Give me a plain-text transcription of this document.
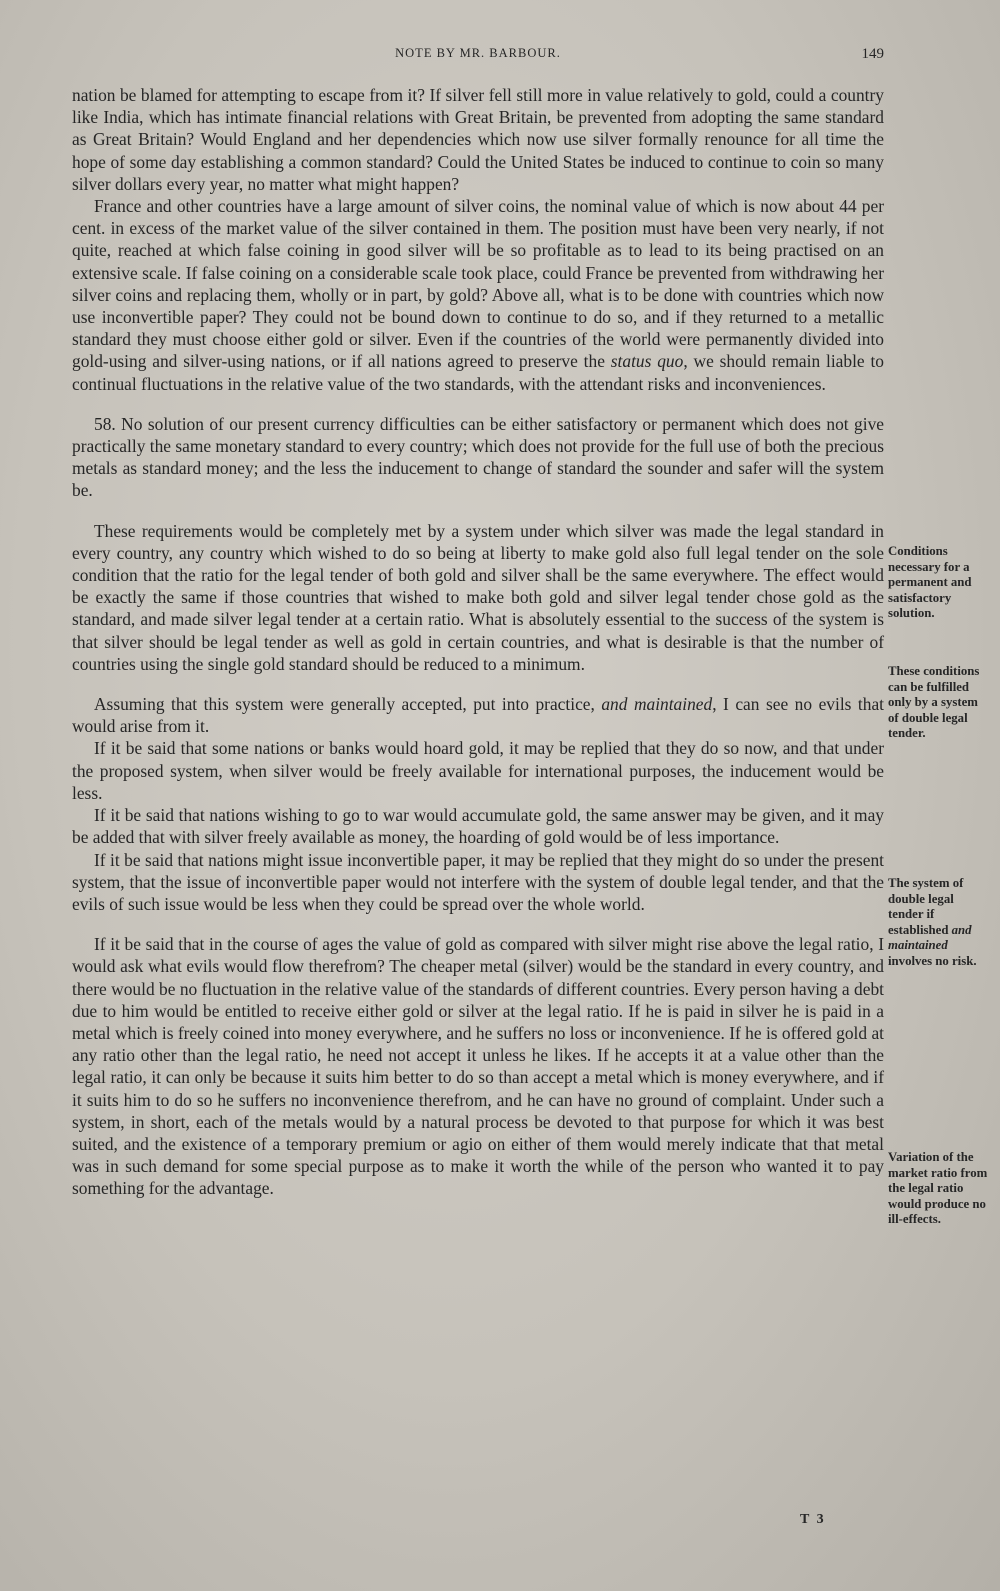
NOTE BY MR. BARBOUR.	149

nation be blamed for attempting to escape from it? If silver fell still more in value relatively to gold, could a country like India, which has intimate financial relations with Great Britain, be prevented from adopting the same standard as Great Britain? Would England and her dependencies which now use silver formally renounce for all time the hope of some day establishing a common standard? Could the United States be induced to continue to coin so many silver dollars every year, no matter what might happen?

France and other countries have a large amount of silver coins, the nominal value of which is now about 44 per cent. in excess of the market value of the silver contained in them. The position must have been very nearly, if not quite, reached at which false coining in good silver will be so profitable as to lead to its being practised on an extensive scale. If false coining on a considerable scale took place, could France be prevented from withdrawing her silver coins and replacing them, wholly or in part, by gold? Above all, what is to be done with countries which now use inconvertible paper? They could not be bound down to continue to do so, and if they returned to a metallic standard they must choose either gold or silver. Even if the countries of the world were permanently divided into gold-using and silver-using nations, or if all nations agreed to preserve the status quo, we should remain liable to continual fluctuations in the relative value of the two standards, with the attendant risks and inconveniences.

58. No solution of our present currency difficulties can be either satisfactory or permanent which does not give practically the same monetary standard to every country; which does not provide for the full use of both the precious metals as standard money; and the less the inducement to change of standard the sounder and safer will the system be.

These requirements would be completely met by a system under which silver was made the legal standard in every country, any country which wished to do so being at liberty to make gold also full legal tender on the sole condition that the ratio for the legal tender of both gold and silver shall be the same everywhere. The effect would be exactly the same if those countries that wished to make both gold and silver legal tender chose gold as the standard, and made silver legal tender at a certain ratio. What is absolutely essential to the success of the system is that silver should be legal tender as well as gold in certain countries, and what is desirable is that the number of countries using the single gold standard should be reduced to a minimum.

Assuming that this system were generally accepted, put into practice, and maintained, I can see no evils that would arise from it.

If it be said that some nations or banks would hoard gold, it may be replied that they do so now, and that under the proposed system, when silver would be freely available for international purposes, the inducement would be less.

If it be said that nations wishing to go to war would accumulate gold, the same answer may be given, and it may be added that with silver freely available as money, the hoarding of gold would be of less importance.

If it be said that nations might issue inconvertible paper, it may be replied that they might do so under the present system, that the issue of inconvertible paper would not interfere with the system of double legal tender, and that the evils of such issue would be less when they could be spread over the whole world.

If it be said that in the course of ages the value of gold as compared with silver might rise above the legal ratio, I would ask what evils would flow therefrom? The cheaper metal (silver) would be the standard in every country, and there would be no fluctuation in the relative value of the standards of different countries. Every person having a debt due to him would be entitled to receive either gold or silver at the legal ratio. If he is paid in silver he is paid in a metal which is freely coined into money everywhere, and he suffers no loss or inconvenience. If he is offered gold at any ratio other than the legal ratio, he need not accept it unless he likes. If he accepts it at a value other than the legal ratio, it can only be because it suits him better to do so than accept a metal which is money everywhere, and if it suits him to do so he suffers no inconvenience therefrom, and he can have no ground of complaint. Under such a system, in short, each of the metals would by a natural process be devoted to that purpose for which it was best suited, and the existence of a temporary premium or agio on either of them would merely indicate that that metal was in such demand for some special purpose as to make it worth the while of the person who wanted it to pay something for the advantage.

Conditions necessary for a permanent and satisfactory solution.
These conditions can be fulfilled only by a system of double legal tender.
The system of double legal tender if established and maintained involves no risk.
Variation of the market ratio from the legal ratio would produce no ill-effects.
T 3
